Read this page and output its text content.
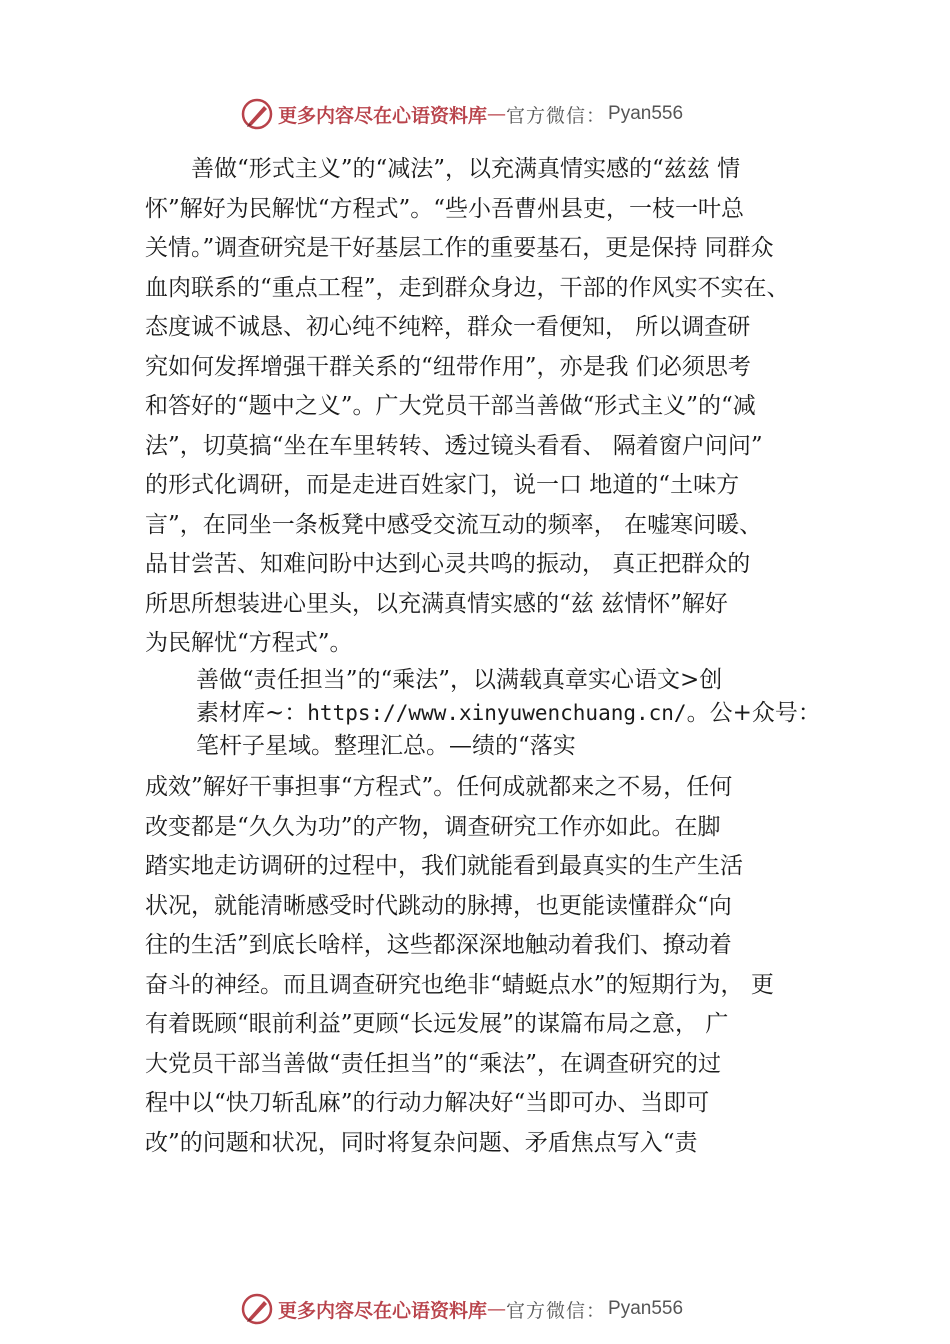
更多内容尽在心语资料库 — 官方微信： Pyan556
　　善做“形式主义”的“减法”，以充满真情实感的“兹兹 情
怀”解好为民解忧“方程式”。“些小吾曹州县吏，一枝一叶总
关情。”调查研究是干好基层工作的重要基石，更是保持 同群众
血肉联系的“重点工程”，走到群众身边，干部的作风实不实在、
态度诚不诚恳、初心纯不纯粹，群众一看便知， 所以调查研
究如何发挥增强干群关系的“纽带作用”，亦是我 们必须思考
和答好的“题中之义”。广大党员干部当善做“形式主义”的“减
法”，切莫搞“坐在车里转转、透过镜头看看、 隔着窗户问问”
的形式化调研，而是走进百姓家门，说一口 地道的“土味方
言”，在同坐一条板凳中感受交流互动的频率， 在嘘寒问暖、
品甘尝苦、知难问盼中达到心灵共鸣的振动， 真正把群众的
所思所想装进心里头，以充满真情实感的“兹 兹情怀”解好
为民解忧“方程式”。
善做“责任担当”的“乘法”，以满载真章实心语文>创
素材库~：https://www.xinyuwenchuang.cn/。公+众号：
笔杆子星域。整理汇总。—绩的“落实
成效”解好干事担事“方程式”。任何成就都来之不易，任何
改变都是“久久为功”的产物，调查研究工作亦如此。在脚
踏实地走访调研的过程中，我们就能看到最真实的生产生活
状况，就能清晰感受时代跳动的脉搏，也更能读懂群众“向
往的生活”到底长啥样，这些都深深地触动着我们、撩动着
奋斗的神经。而且调查研究也绝非“蜻蜓点水”的短期行为， 更
有着既顾“眼前利益”更顾“长远发展”的谋篇布局之意， 广
大党员干部当善做“责任担当”的“乘法”，在调查研究的过
程中以“快刀斩乱麻”的行动力解决好“当即可办、当即可
改”的问题和状况，同时将复杂问题、矛盾焦点写入“责
更多内容尽在心语资料库 — 官方微信： Pyan556
